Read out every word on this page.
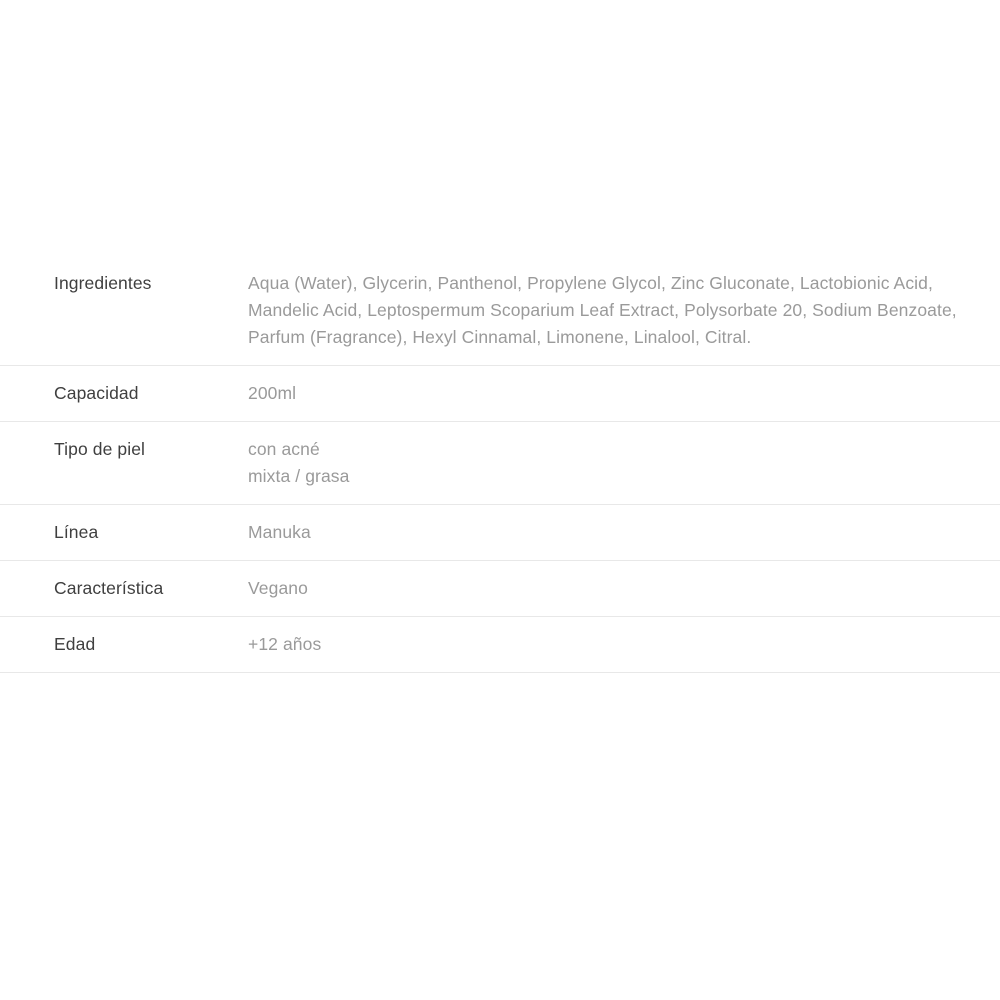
Ingredientes	Aqua (Water), Glycerin, Panthenol, Propylene Glycol, Zinc Gluconate, Lactobionic Acid,
Mandelic Acid, Leptospermum Scoparium Leaf Extract, Polysorbate 20, Sodium Benzoate,
Parfum (Fragrance), Hexyl Cinnamal, Limonene, Linalool, Citral.
Capacidad	200ml
Tipo de piel	con acné
mixta / grasa
Línea	Manuka
Característica	Vegano
Edad	+12 años
